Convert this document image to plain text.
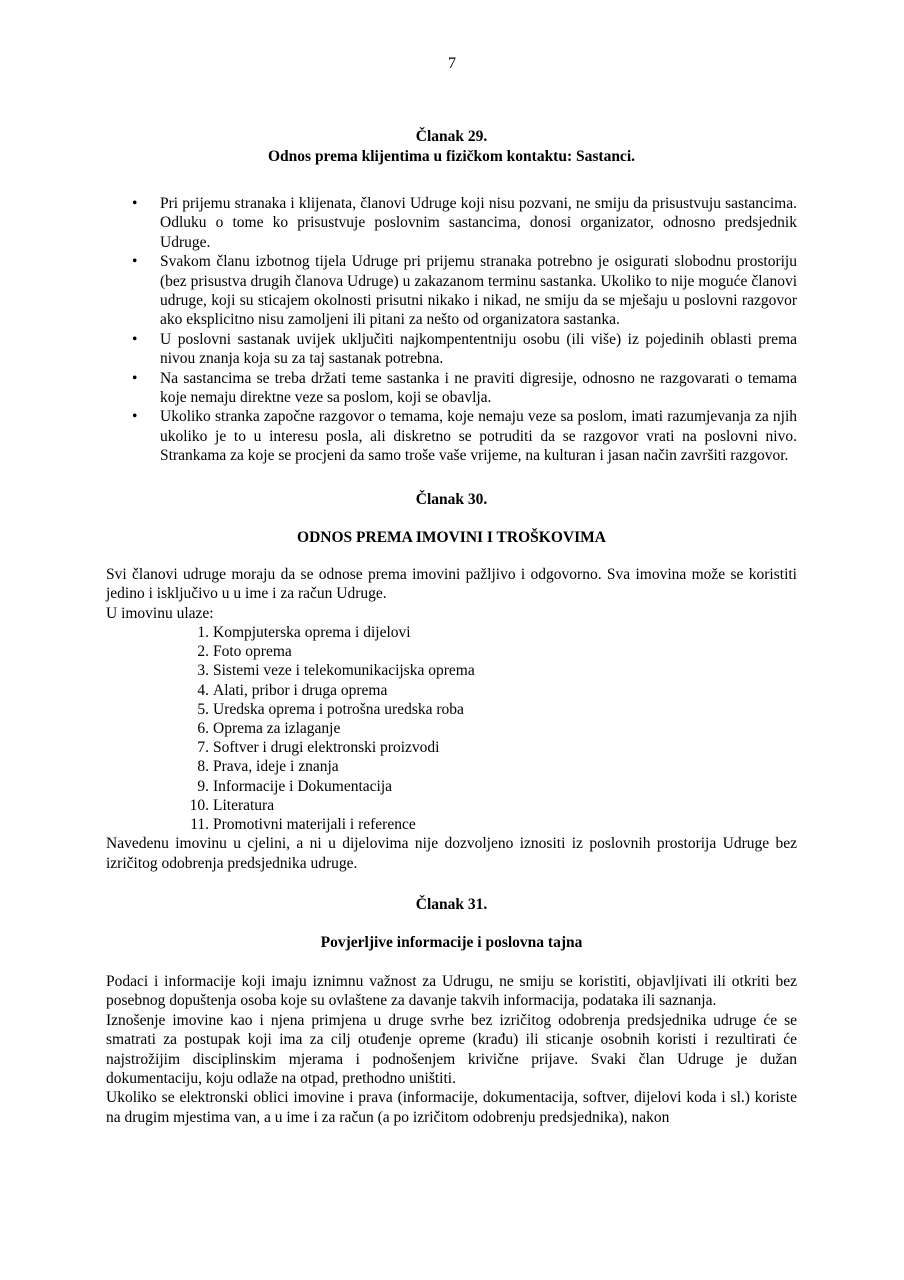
7
Članak 29.
Odnos prema klijentima u fizičkom kontaktu: Sastanci.
• Pri prijemu stranaka i klijenata, članovi Udruge koji nisu pozvani, ne smiju da prisustvuju sastancima. Odluku o tome ko prisustvuje poslovnim sastancima, donosi organizator, odnosno predsjednik Udruge.
• Svakom članu izbotnog tijela Udruge pri prijemu stranaka potrebno je osigurati slobodnu prostoriju (bez prisustva drugih članova Udruge) u zakazanom terminu sastanka. Ukoliko to nije moguće članovi udruge, koji su sticajem okolnosti prisutni nikako i nikad, ne smiju da se mješaju u poslovni razgovor ako eksplicitno nisu zamoljeni ili pitani za nešto od organizatora sastanka.
• U poslovni sastanak uvijek uključiti najkompententniju osobu (ili više) iz pojedinih oblasti prema nivou znanja koja su za taj sastanak potrebna.
• Na sastancima se treba držati teme sastanka i ne praviti digresije, odnosno ne razgovarati o temama koje nemaju direktne veze sa poslom, koji se obavlja.
• Ukoliko stranka započne razgovor o temama, koje nemaju veze sa poslom, imati razumjevanja za njih ukoliko je to u interesu posla, ali diskretno se potruditi da se razgovor vrati na poslovni nivo. Strankama za koje se procjeni da samo troše vaše vrijeme, na kulturan i jasan način završiti razgovor.
Članak 30.
ODNOS PREMA IMOVINI I TROŠKOVIMA

Svi članovi udruge moraju da se odnose prema imovini pažljivo i odgovorno. Sva imovina može se koristiti jedino i isključivo u u ime i za račun Udruge.

U imovinu ulaze:

1. Kompjuterska oprema i dijelovi
2. Foto oprema
3. Sistemi veze i telekomunikacijska oprema
4. Alati, pribor i druga oprema
5. Uredska oprema i potrošna uredska roba
6. Oprema za izlaganje
7. Softver i drugi elektronski proizvodi
8. Prava, ideje i znanja
9. Informacije i Dokumentacija
10. Literatura
11. Promotivni materijali i reference

Navedenu imovinu u cjelini, a ni u dijelovima nije dozvoljeno iznositi iz poslovnih prostorija Udruge bez izričitog odobrenja predsjednika udruge.

Članak 31.
Povjerljive informacije i poslovna tajna

Podaci i informacije koji imaju iznimnu važnost za Udrugu, ne smiju se koristiti, objavljivati ili otkriti bez posebnog dopuštenja osoba koje su ovlaštene za davanje takvih informacija, podataka ili saznanja.

Iznošenje imovine kao i njena primjena u druge svrhe bez izričitog odobrenja predsjednika udruge će se smatrati za postupak koji ima za cilj otuđenje opreme (krađu) ili sticanje osobnih koristi i rezultirati će najstrožijim disciplinskim mjerama i podnošenjem krivične prijave. Svaki član Udruge je dužan dokumentaciju, koju odlaže na otpad, prethodno uništiti.

Ukoliko se elektronski oblici imovine i prava (informacije, dokumentacija, softver, dijelovi koda i sl.) koriste na drugim mjestima van, a u ime i za račun (a po izričitom odobrenju predsjednika), nakon
